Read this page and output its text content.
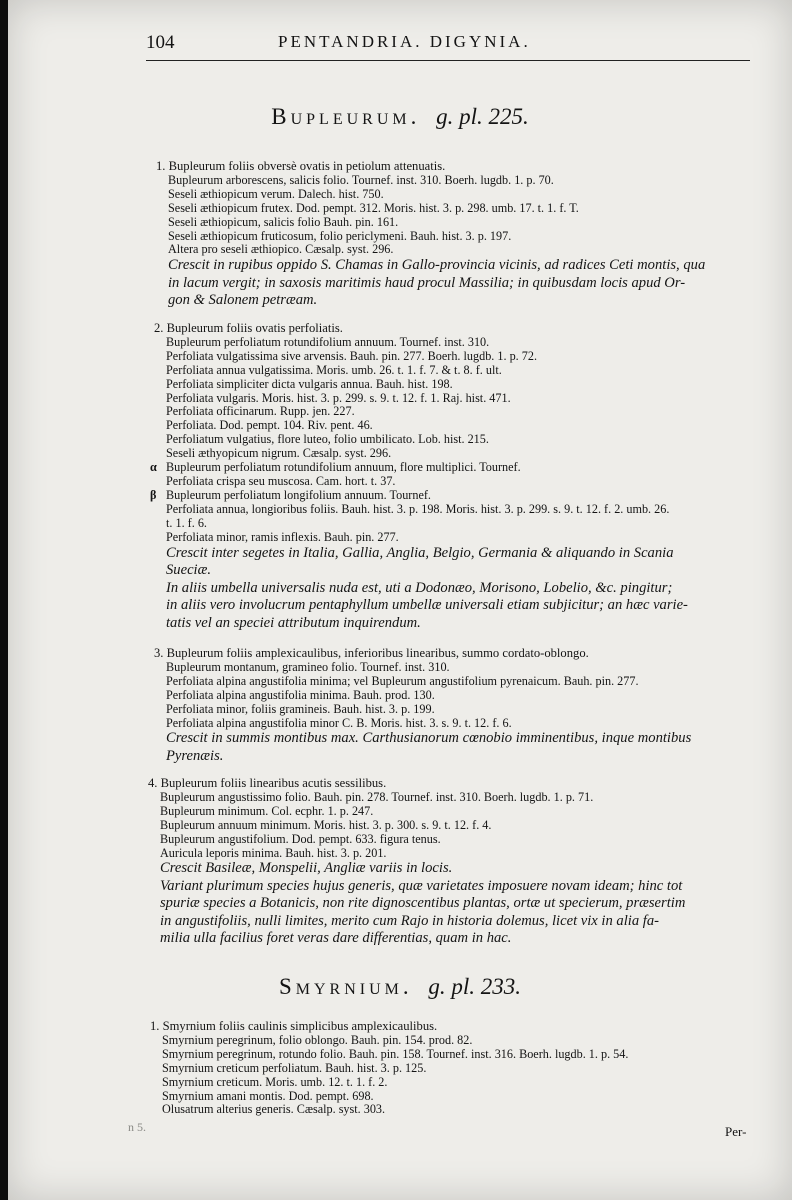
104	PENTANDRIA. DIGYNIA.
Bupleurum. g. pl. 225.
1. Bupleurum foliis obversè ovatis in petiolum attenuatis.
Bupleurum arborescens, salicis folio. Tournef. inst. 310. Boerh. lugdb. 1. p. 70.
Seseli æthiopicum verum. Dalech. hist. 750.
Seseli æthiopicum frutex. Dod. pempt. 312. Moris. hist. 3. p. 298. umb. 17. t. 1. f. T.
Seseli æthiopicum, salicis folio Bauh. pin. 161.
Seseli æthiopicum fruticosum, folio periclymeni. Bauh. hist. 3. p. 197.
Altera pro seseli æthiopico. Cæsalp. syst. 296.
Crescit in rupibus oppido S. Chamas in Gallo-provincia vicinis, ad radices Ceti montis, qua
in lacum vergit; in saxosis maritimis haud procul Massilia; in quibusdam locis apud Or-
gon & Salonem petræam.
2. Bupleurum foliis ovatis perfoliatis.
Bupleurum perfoliatum rotundifolium annuum. Tournef. inst. 310.
Perfoliata vulgatissima sive arvensis. Bauh. pin. 277. Boerh. lugdb. 1. p. 72.
Perfoliata annua vulgatissima. Moris. umb. 26. t. 1. f. 7. & t. 8. f. ult.
Perfoliata simpliciter dicta vulgaris annua. Bauh. hist. 198.
Perfoliata vulgaris. Moris. hist. 3. p. 299. s. 9. t. 12. f. 1. Raj. hist. 471.
Perfoliata officinarum. Rupp. jen. 227.
Perfoliata. Dod. pempt. 104. Riv. pent. 46.
Perfoliatum vulgatius, flore luteo, folio umbilicato. Lob. hist. 215.
Seseli æthyopicum nigrum. Cæsalp. syst. 296.
α Bupleurum perfoliatum rotundifolium annuum, flore multiplici. Tournef.
Perfoliata crispa seu muscosa. Cam. hort. t. 37.
β Bupleurum perfoliatum longifolium annuum. Tournef.
Perfoliata annua, longioribus foliis. Bauh. hist. 3. p. 198. Moris. hist. 3. p. 299. s. 9. t. 12. f. 2. umb. 26.
t. 1. f. 6.
Perfoliata minor, ramis inflexis. Bauh. pin. 277.
Crescit inter segetes in Italia, Gallia, Anglia, Belgio, Germania & aliquando in Scania
Sueciæ.
In aliis umbella universalis nuda est, uti a Dodonæo, Morisono, Lobelio, &c. pingitur;
in aliis vero involucrum pentaphyllum umbellæ universali etiam subjicitur; an hæc varie-
tatis vel an speciei attributum inquirendum.
3. Bupleurum foliis amplexicaulibus, inferioribus linearibus, summo cordato-oblongo.
Bupleurum montanum, gramineo folio. Tournef. inst. 310.
Perfoliata alpina angustifolia minima; vel Bupleurum angustifolium pyrenaicum. Bauh. pin. 277.
Perfoliata alpina angustifolia minima. Bauh. prod. 130.
Perfoliata minor, foliis gramineis. Bauh. hist. 3. p. 199.
Perfoliata alpina angustifolia minor C. B. Moris. hist. 3. s. 9. t. 12. f. 6.
Crescit in summis montibus max. Carthusianorum cœnobio imminentibus, inque montibus
Pyrenæis.
4. Bupleurum foliis linearibus acutis sessilibus.
Bupleurum angustissimo folio. Bauh. pin. 278. Tournef. inst. 310. Boerh. lugdb. 1. p. 71.
Bupleurum minimum. Col. ecphr. 1. p. 247.
Bupleurum annuum minimum. Moris. hist. 3. p. 300. s. 9. t. 12. f. 4.
Bupleurum angustifolium. Dod. pempt. 633. figura tenus.
Auricula leporis minima. Bauh. hist. 3. p. 201.
Crescit Basileæ, Monspelii, Angliæ variis in locis.
Variant plurimum species hujus generis, quæ varietates imposuere novam ideam; hinc tot
spuriæ species a Botanicis, non rite dignoscentibus plantas, ortæ ut specierum, præsertim
in angustifoliis, nulli limites, merito cum Rajo in historia dolemus, licet vix in alia fa-
milia ulla facilius foret veras dare differentias, quam in hac.
Smyrnium. g. pl. 233.
1. Smyrnium foliis caulinis simplicibus amplexicaulibus.
Smyrnium peregrinum, folio oblongo. Bauh. pin. 154. prod. 82.
Smyrnium peregrinum, rotundo folio. Bauh. pin. 158. Tournef. inst. 316. Boerh. lugdb. 1. p. 54.
Smyrnium creticum perfoliatum. Bauh. hist. 3. p. 125.
Smyrnium creticum. Moris. umb. 12. t. 1. f. 2.
Smyrnium amani montis. Dod. pempt. 698.
Olusatrum alterius generis. Cæsalp. syst. 303.
n 5.	Per-
